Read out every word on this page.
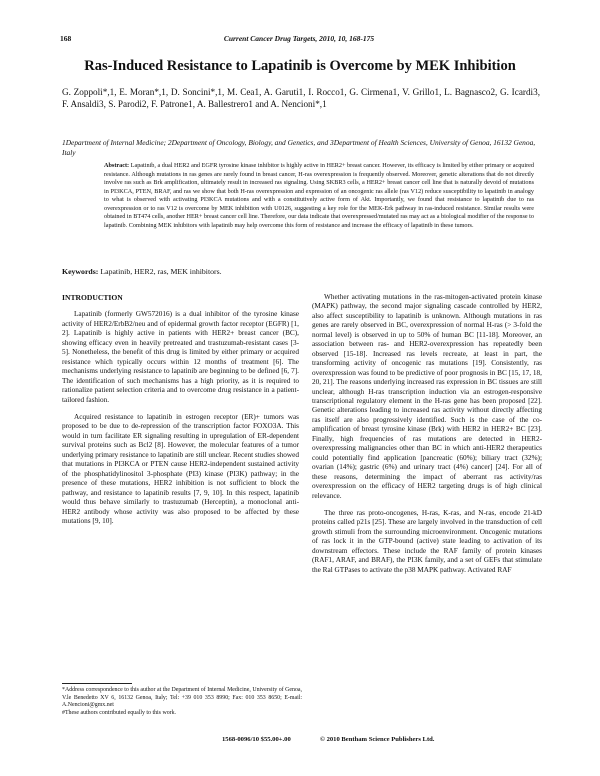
168	Current Cancer Drug Targets, 2010, 10, 168-175
Ras-Induced Resistance to Lapatinib is Overcome by MEK Inhibition
G. Zoppoli*,1, E. Moran*,1, D. Soncini*,1, M. Cea1, A. Garuti1, I. Rocco1, G. Cirmena1, V. Grillo1, L. Bagnasco2, G. Icardi3, F. Ansaldi3, S. Parodi2, F. Patrone1, A. Ballestrero1 and A. Nencioni*,1
1Department of Internal Medicine; 2Department of Oncology, Biology, and Genetics, and 3Department of Health Sciences, University of Genoa, 16132 Genoa, Italy
Abstract: Lapatinib, a dual HER2 and EGFR tyrosine kinase inhibitor is highly active in HER2+ breast cancer. However, its efficacy is limited by either primary or acquired resistance. Although mutations in ras genes are rarely found in breast cancer, H-ras overexpression is frequently observed. Moreover, genetic alterations that do not directly involve ras such as Brk amplification, ultimately result in increased ras signaling. Using SKBR3 cells, a HER2+ breast cancer cell line that is naturally devoid of mutations in PI3KCA, PTEN, BRAF, and ras we show that both H-ras overexpression and expression of an oncogenic ras allele (ras V12) reduce susceptibility to lapatinib in analogy to what is observed with activating PI3KCA mutations and with a constitutively active form of Akt. Importantly, we found that resistance to lapatinib due to ras overexpression or to ras V12 is overcome by MEK inhibition with U0126, suggesting a key role for the MEK-Erk pathway in ras-induced resistance. Similar results were obtained in BT474 cells, another HER+ breast cancer cell line. Therefore, our data indicate that overexpressed/mutated ras may act as a biological modifier of the response to lapatinib. Combining MEK inhibitors with lapatinib may help overcome this form of resistance and increase the efficacy of lapatinib in these tumors.
Keywords: Lapatinib, HER2, ras, MEK inhibitors.

INTRODUCTION

Lapatinib (formerly GW572016) is a dual inhibitor of the tyrosine kinase activity of HER2/ErbB2/neu and of epidermal growth factor receptor (EGFR) [1, 2]. Lapatinib is highly active in patients with HER2+ breast cancer (BC), showing efficacy even in heavily pretreated and trastuzumab-resistant cases [3-5]. Nonetheless, the benefit of this drug is limited by either primary or acquired resistance which typically occurs within 12 months of treatment [6]. The mechanisms underlying resistance to lapatinib are beginning to be defined [6, 7]. The identification of such mechanisms has a high priority, as it is required to rationalize patient selection criteria and to overcome drug resistance in a patient-tailored fashion.

Acquired resistance to lapatinib in estrogen receptor (ER)+ tumors was proposed to be due to de-repression of the transcription factor FOXO3A. This would in turn facilitate ER signaling resulting in upregulation of ER-dependent survival proteins such as Bcl2 [8]. However, the molecular features of a tumor underlying primary resistance to lapatinib are still unclear. Recent studies showed that mutations in PI3KCA or PTEN cause HER2-independent sustained activity of the phosphatidylinositol 3-phosphate (PI3) kinase (PI3K) pathway; in the presence of these mutations, HER2 inhibition is not sufficient to block the pathway, and resistance to lapatinib results [7, 9, 10]. In this respect, lapatinib would thus behave similarly to trastuzumab (Herceptin), a monoclonal anti-HER2 antibody whose activity was also proposed to be affected by these mutations [9, 10].

Whether activating mutations in the ras-mitogen-activated protein kinase (MAPK) pathway, the second major signaling cascade controlled by HER2, also affect susceptibility to lapatinib is unknown. Although mutations in ras genes are rarely observed in BC, overexpression of normal H-ras (> 3-fold the normal level) is observed in up to 50% of human BC [11-18]. Moreover, an association between ras- and HER2-overexpression has repeatedly been observed [15-18]. Increased ras levels recreate, at least in part, the transforming activity of oncogenic ras mutations [19]. Consistently, ras overexpression was found to be predictive of poor prognosis in BC [15, 17, 18, 20, 21]. The reasons underlying increased ras expression in BC tissues are still unclear, although H-ras transcription induction via an estrogen-responsive transcriptional regulatory element in the H-ras gene has been proposed [22]. Genetic alterations leading to increased ras activity without directly affecting ras itself are also progressively identified. Such is the case of the co-amplification of breast tyrosine kinase (Brk) with HER2 in HER2+ BC [23]. Finally, high frequencies of ras mutations are detected in HER2-overexpressing malignancies other than BC in which anti-HER2 therapeutics could potentially find application [pancreatic (60%); biliary tract (32%); ovarian (14%); gastric (6%) and urinary tract (4%) cancer] [24]. For all of these reasons, determining the impact of aberrant ras activity/ras overexpression on the efficacy of HER2 targeting drugs is of high clinical relevance.

The three ras proto-oncogenes, H-ras, K-ras, and N-ras, encode 21-kD proteins called p21s [25]. These are largely involved in the transduction of cell growth stimuli from the surrounding microenvironment. Oncogenic mutations of ras lock it in the GTP-bound (active) state leading to activation of its downstream effectors. These include the RAF family of protein kinases (RAF1, ARAF, and BRAF), the PI3K family, and a set of GEFs that stimulate the Ral GTPases to activate the p38 MAPK pathway. Activated RAF

*Address correspondence to this author at the Department of Internal Medicine, University of Genoa, V.le Benedetto XV 6, 16132 Genoa, Italy; Tel: +39 010 353 8990; Fax: 010 353 8650; E-mail: A.Nencioni@gmx.net
#These authors contributed equally to this work.
1568-0096/10 $55.00+.00	© 2010 Bentham Science Publishers Ltd.
